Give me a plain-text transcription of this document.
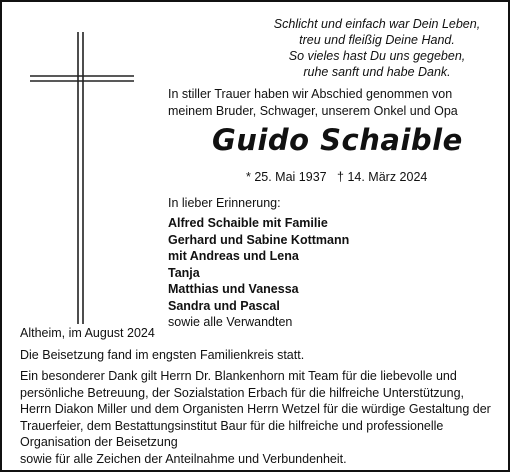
Schlicht und einfach war Dein Leben,
treu und fleißig Deine Hand.
So vieles hast Du uns gegeben,
ruhe sanft und habe Dank.
In stiller Trauer haben wir Abschied genommen von
meinem Bruder, Schwager, unserem Onkel und Opa
Guido Schaible
* 25. Mai 1937 † 14. März 2024
In lieber Erinnerung:
Alfred Schaible mit Familie
Gerhard und Sabine Kottmann
mit Andreas und Lena
Tanja
Matthias und Vanessa
Sandra und Pascal
sowie alle Verwandten
Altheim, im August 2024
Die Beisetzung fand im engsten Familienkreis statt.
Ein besonderer Dank gilt Herrn Dr. Blankenhorn mit Team für die liebevolle und
persönliche Betreuung, der Sozialstation Erbach für die hilfreiche Unterstützung,
Herrn Diakon Miller und dem Organisten Herrn Wetzel für die würdige Gestaltung der
Trauerfeier, dem Bestattungsinstitut Baur für die hilfreiche und professionelle
Organisation der Beisetzung
sowie für alle Zeichen der Anteilnahme und Verbundenheit.
